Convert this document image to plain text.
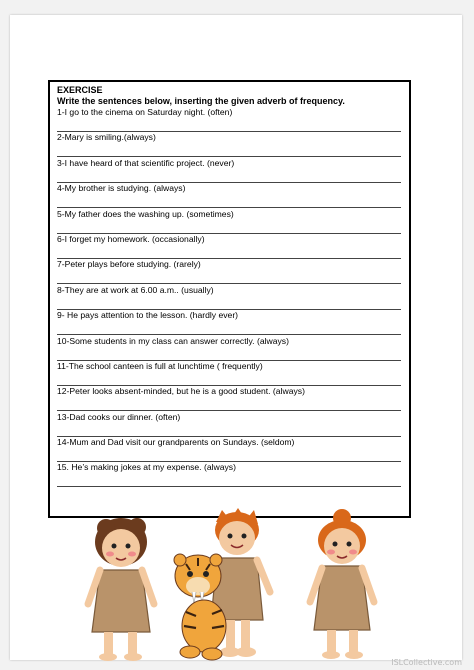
EXERCISE
Write the sentences below, inserting the given adverb of frequency.
1-I go to the cinema on Saturday night. (often)
2-Mary is smiling.(always)
3-I have heard of that scientific project. (never)
4-My brother is studying. (always)
5-My father does the washing up. (sometimes)
6-I forget my homework. (occasionally)
7-Peter plays before studying. (rarely)
8-They are at work at 6.00 a.m.. (usually)
9- He pays attention to the lesson. (hardly ever)
10-Some students in my class can answer correctly. (always)
11-The school canteen is full at lunchtime ( frequently)
12-Peter looks absent-minded, but he is a good student. (always)
13-Dad cooks our dinner. (often)
14-Mum and Dad visit our grandparents on Sundays. (seldom)
15. He’s making jokes at my expense. (always)
ISLCollective.com
